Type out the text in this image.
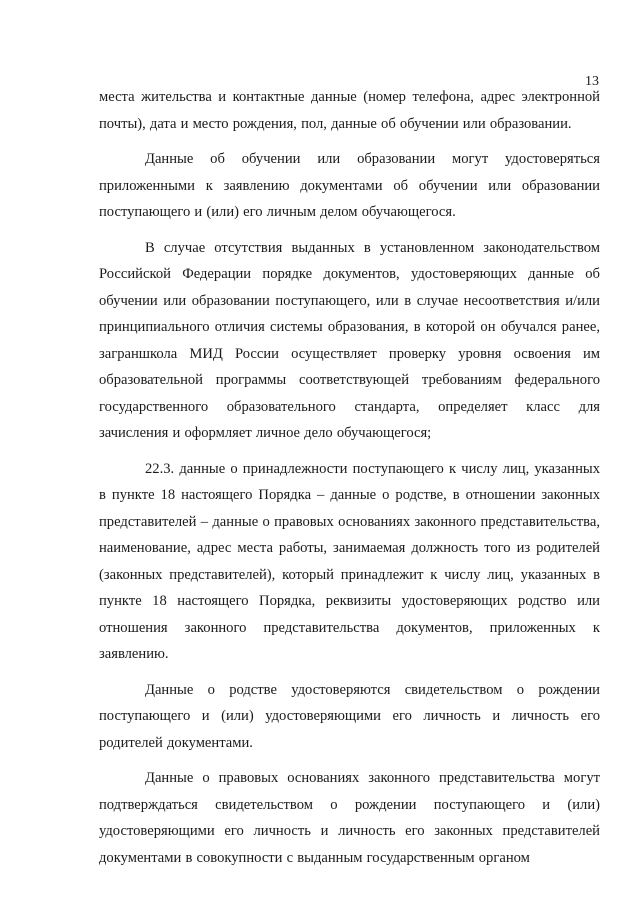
13

места жительства и контактные данные (номер телефона, адрес электронной почты), дата и место рождения, пол, данные об обучении или образовании.

Данные об обучении или образовании могут удостоверяться приложенными к заявлению документами об обучении или образовании поступающего и (или) его личным делом обучающегося.

В случае отсутствия выданных в установленном законодательством Российской Федерации порядке документов, удостоверяющих данные об обучении или образовании поступающего, или в случае несоответствия и/или принципиального отличия системы образования, в которой он обучался ранее, заграншкола МИД России осуществляет проверку уровня освоения им образовательной программы соответствующей требованиям федерального государственного образовательного стандарта, определяет класс для зачисления и оформляет личное дело обучающегося;

22.3. данные о принадлежности поступающего к числу лиц, указанных в пункте 18 настоящего Порядка – данные о родстве, в отношении законных представителей – данные о правовых основаниях законного представительства, наименование, адрес места работы, занимаемая должность того из родителей (законных представителей), который принадлежит к числу лиц, указанных в пункте 18 настоящего Порядка, реквизиты удостоверяющих родство или отношения законного представительства документов, приложенных к заявлению.

Данные о родстве удостоверяются свидетельством о рождении поступающего и (или) удостоверяющими его личность и личность его родителей документами.

Данные о правовых основаниях законного представительства могут подтверждаться свидетельством о рождении поступающего и (или) удостоверяющими его личность и личность его законных представителей документами в совокупности с выданным государственным органом
